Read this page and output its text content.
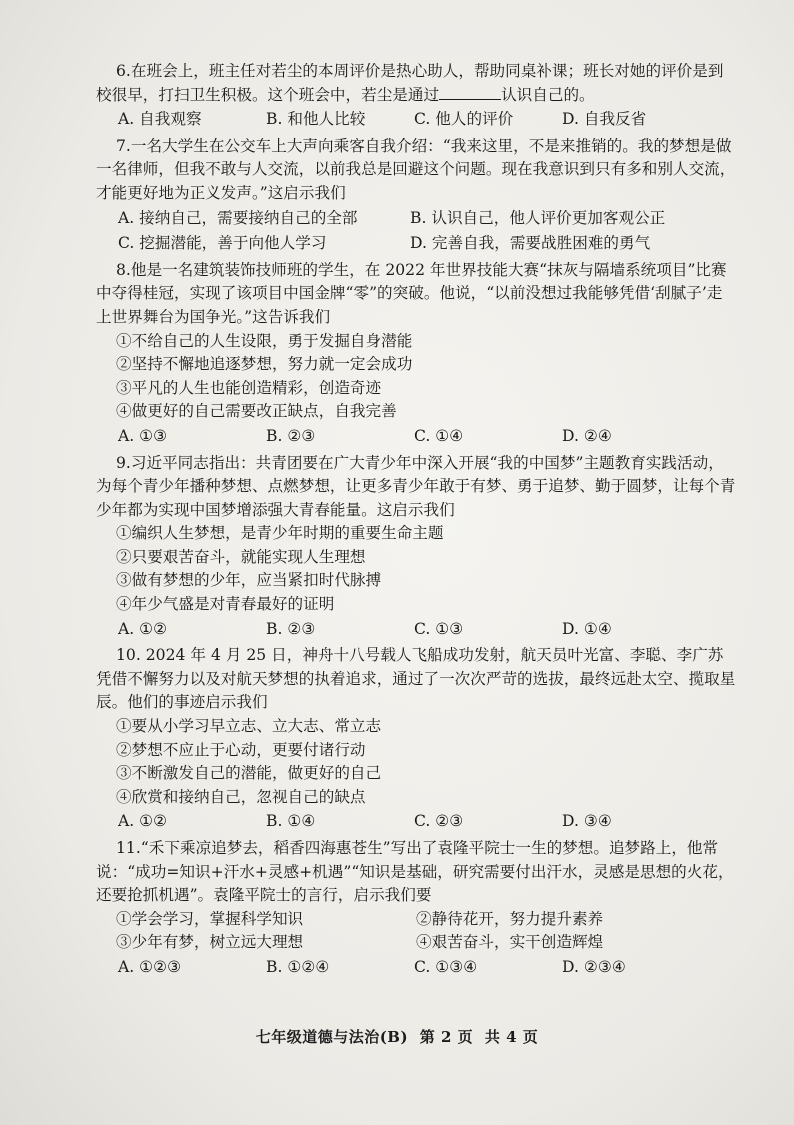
6.在班会上，班主任对若尘的本周评价是热心助人，帮助同桌补课；班长对她的评价是到校很早，打扫卫生积极。这个班会中，若尘是通过	认识自己的。

A. 自我观察	B. 和他人比较	C. 他人的评价	D. 自我反省

7.一名大学生在公交车上大声向乘客自我介绍：“我来这里，不是来推销的。我的梦想是做一名律师，但我不敢与人交流，以前我总是回避这个问题。现在我意识到只有多和别人交流，才能更好地为正义发声。”这启示我们

A. 接纳自己，需要接纳自己的全部	B. 认识自己，他人评价更加客观公正
C. 挖掘潜能，善于向他人学习	D. 完善自我，需要战胜困难的勇气

8.他是一名建筑装饰技师班的学生，在 2022 年世界技能大赛“抹灰与隔墙系统项目”比赛中夺得桂冠，实现了该项目中国金牌“零”的突破。他说，“以前没想过我能够凭借‘刮腻子’走上世界舞台为国争光。”这告诉我们

①不给自己的人生设限，勇于发掘自身潜能

②坚持不懈地追逐梦想，努力就一定会成功

③平凡的人生也能创造精彩，创造奇迹

④做更好的自己需要改正缺点，自我完善

A. ①③	B. ②③	C. ①④	D. ②④

9.习近平同志指出：共青团要在广大青少年中深入开展“我的中国梦”主题教育实践活动，为每个青少年播种梦想、点燃梦想，让更多青少年敢于有梦、勇于追梦、勤于圆梦，让每个青少年都为实现中国梦增添强大青春能量。这启示我们

①编织人生梦想，是青少年时期的重要生命主题

②只要艰苦奋斗，就能实现人生理想

③做有梦想的少年，应当紧扣时代脉搏

④年少气盛是对青春最好的证明

A. ①②	B. ②③	C. ①③	D. ①④

10. 2024 年 4 月 25 日，神舟十八号载人飞船成功发射，航天员叶光富、李聪、李广苏凭借不懈努力以及对航天梦想的执着追求，通过了一次次严苛的选拔，最终远赴太空、揽取星辰。他们的事迹启示我们

①要从小学习早立志、立大志、常立志

②梦想不应止于心动，更要付诸行动

③不断激发自己的潜能，做更好的自己

④欣赏和接纳自己，忽视自己的缺点

A. ①②	B. ①④	C. ②③	D. ③④

11.“禾下乘凉追梦去，稻香四海惠苍生”写出了袁隆平院士一生的梦想。追梦路上，他常说：“成功=知识+汗水+灵感+机遇”“知识是基础，研究需要付出汗水，灵感是思想的火花，还要抢抓机遇”。袁隆平院士的言行，启示我们要

①学会学习，掌握科学知识	②静待花开，努力提升素养
③少年有梦，树立远大理想	④艰苦奋斗，实干创造辉煌
A. ①②③	B. ①②④	C. ①③④	D. ②③④
七年级道德与法治(B) 第 2 页 共 4 页
